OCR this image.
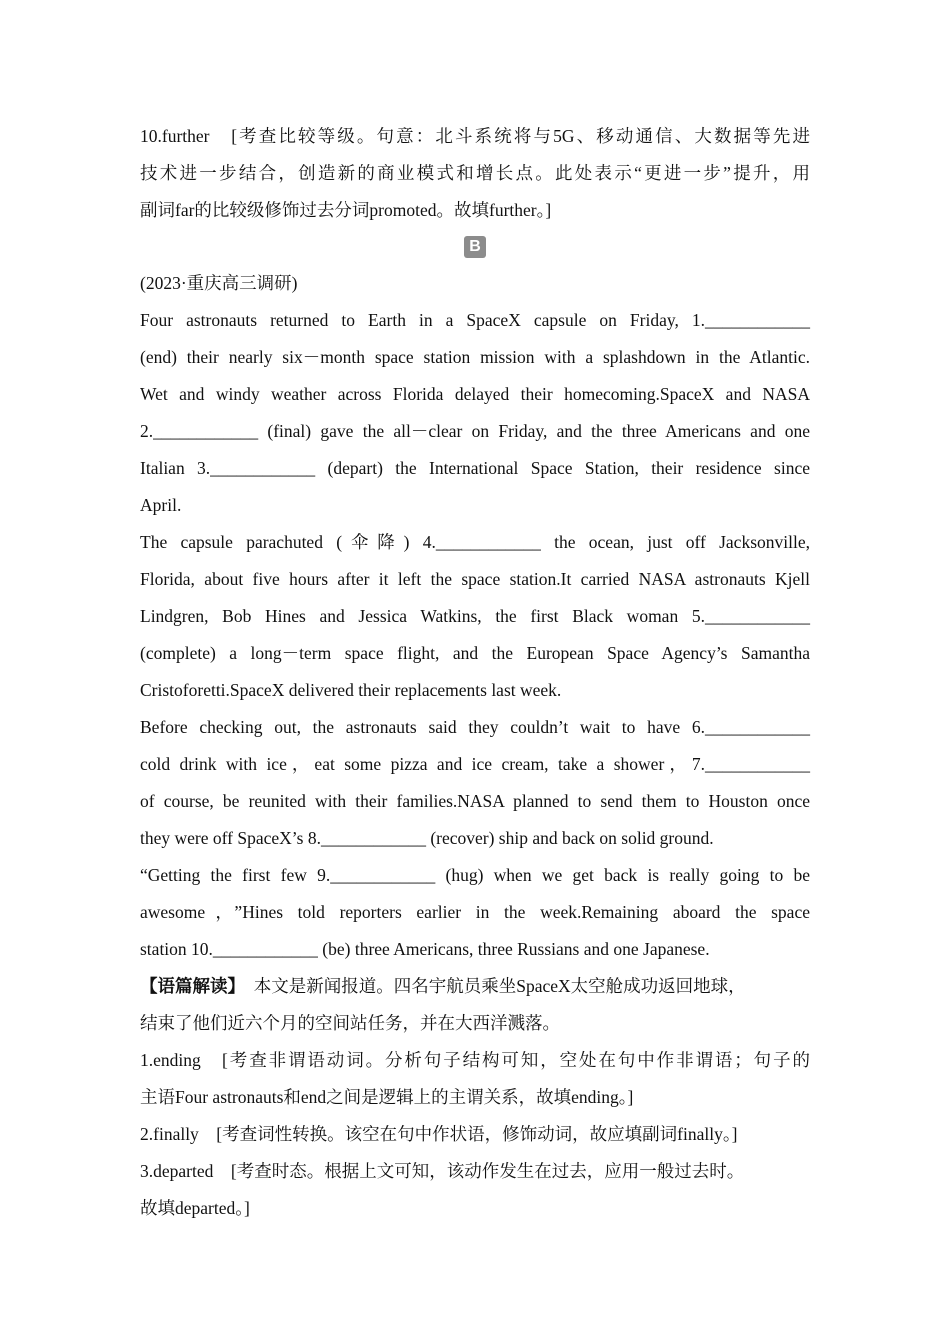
10.further　[考查比较等级。句意：北斗系统将与5G、移动通信、大数据等先进

技术进一步结合，创造新的商业模式和增长点。此处表示“更进一步”提升，用

副词far的比较级修饰过去分词promoted。故填further。]

B

(2023·重庆高三调研)

Four astronauts returned to Earth in a SpaceX capsule on Friday, 1.____________

(end) their nearly six－month space station mission with a splashdown in the Atlantic.

Wet and windy weather across Florida delayed their homecoming.SpaceX and NASA

2.____________ (final) gave the all－clear on Friday, and the three Americans and one

Italian 3.____________ (depart) the International Space Station, their residence since

April.

The capsule parachuted (伞降) 4.____________ the ocean, just off Jacksonville,

Florida, about five hours after it left the space station.It carried NASA astronauts Kjell

Lindgren, Bob Hines and Jessica Watkins, the first Black woman 5.____________

(complete) a long－term space flight, and the European Space Agency’s Samantha

Cristoforetti.SpaceX delivered their replacements last week.

Before checking out, the astronauts said they couldn’t wait to have 6.____________

cold drink with ice，eat some pizza and ice cream, take a shower，7.____________

of course, be reunited with their families.NASA planned to send them to Houston once

they were off SpaceX’s 8.____________ (recover) ship and back on solid ground.

“Getting the first few 9.____________ (hug) when we get back is really going to be

awesome，”Hines told reporters earlier in the week.Remaining aboard the space

station 10.____________ (be) three Americans, three Russians and one Japanese.

【语篇解读】　本文是新闻报道。四名宇航员乘坐SpaceX太空舱成功返回地球，

结束了他们近六个月的空间站任务，并在大西洋溅落。

1.ending　[考查非谓语动词。分析句子结构可知，空处在句中作非谓语；句子的

主语Four astronauts和end之间是逻辑上的主谓关系，故填ending。]

2.finally　[考查词性转换。该空在句中作状语，修饰动词，故应填副词finally。]

3.departed　[考查时态。根据上文可知，该动作发生在过去，应用一般过去时。

故填departed。]
